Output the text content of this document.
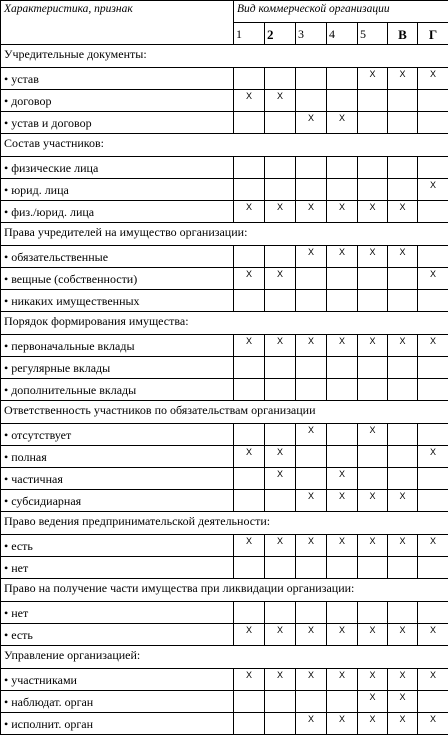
Характеристика, признак	Вид коммерческой организации						
	1	2	3	4	5	В	Г
Учредительные документы:							
• устав					X	X	X
• договор	X	X					
• устав и договор			X	X			
Состав участников:							
• физические лица							
• юрид. лица							X
• физ./юрид. лица	X	X	X	X	X	X	
Права учредителей на имущество организации:							
• обязательственные			X	X	X	X	
• вещные (собственности)	X	X					X
• никаких имущественных							
Порядок формирования имущества:							
• первоначальные вклады	X	X	X	X	X	X	X
• регулярные вклады							
• дополнительные вклады							
Ответственность участников по обязательствам организации							
• отсутствует			X		X		
• полная	X	X					X
• частичная		X		X			
• субсидиарная			X	X	X	X	
Право ведения предпринимательской деятельности:							
• есть	X	X	X	X	X	X	X
• нет							
Право на получение части имущества при ликвидации организации:							
• нет							
• есть	X	X	X	X	X	X	X
Управление организацией:							
• участниками	X	X	X	X	X	X	X
• наблюдат. орган					X	X	
• исполнит. орган			X	X	X	X	X
